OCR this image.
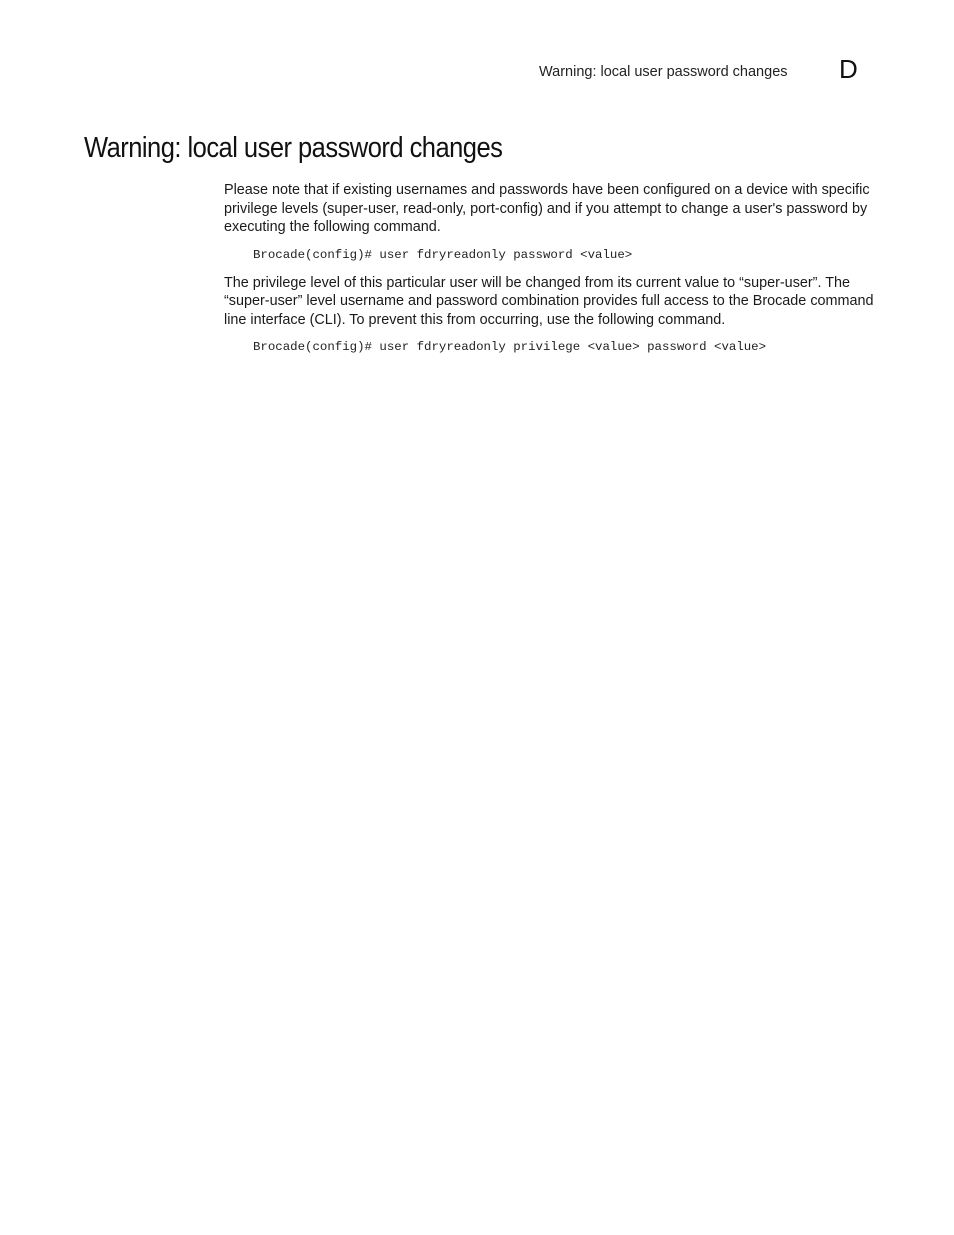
Warning: local user password changes D
Warning: local user password changes

Please note that if existing usernames and passwords have been configured on a device with specific privilege levels (super-user, read-only, port-config) and if you attempt to change a user's password by executing the following command.

Brocade(config)# user fdryreadonly password <value>

The privilege level of this particular user will be changed from its current value to “super-user”. The “super-user” level username and password combination provides full access to the Brocade command line interface (CLI). To prevent this from occurring, use the following command.

Brocade(config)# user fdryreadonly privilege <value> password <value>
